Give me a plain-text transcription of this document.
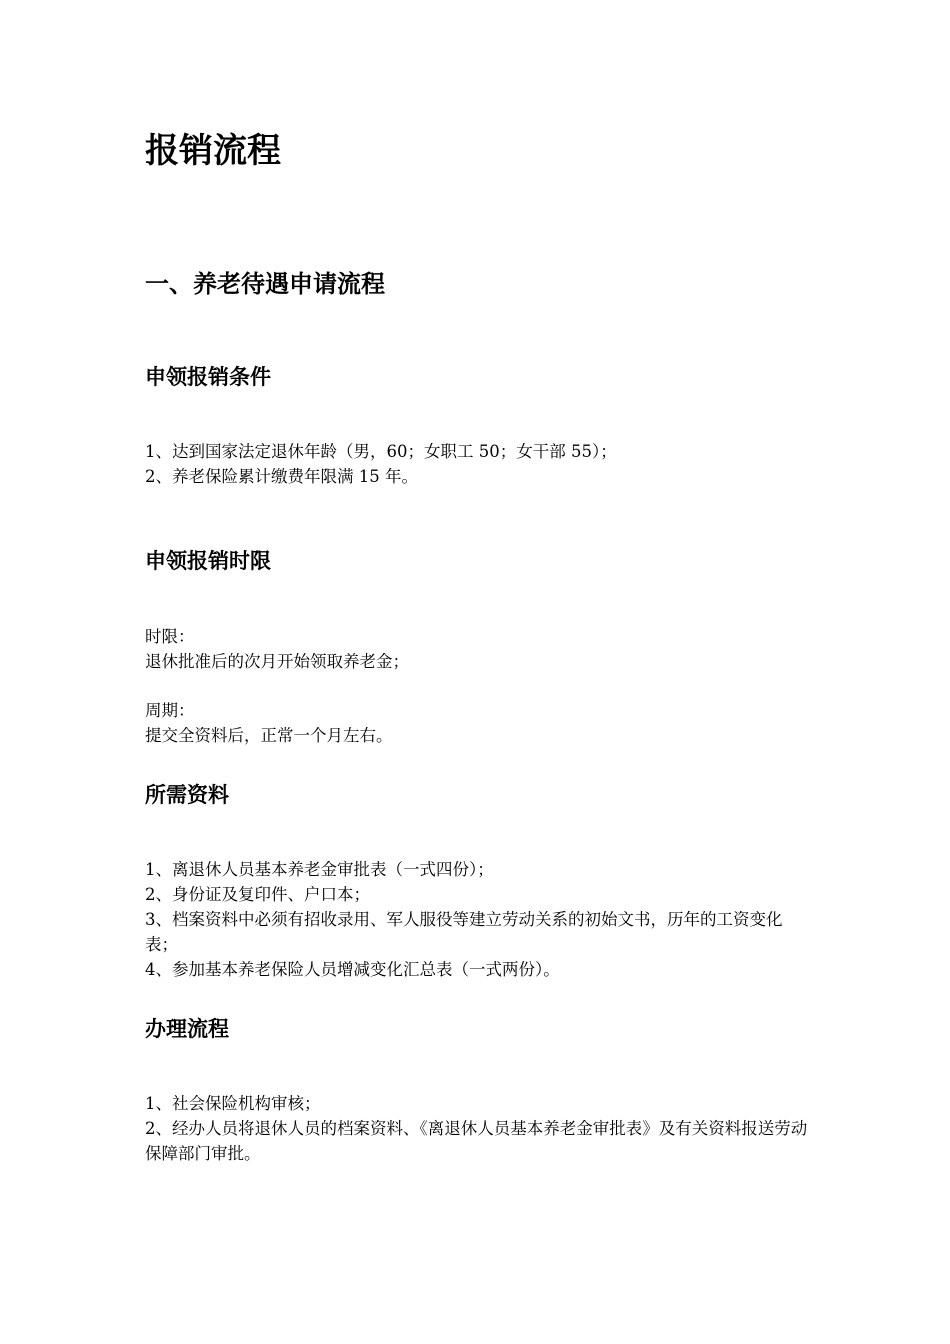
报销流程
一、养老待遇申请流程
申领报销条件
1、达到国家法定退休年龄（男，60；女职工 50；女干部 55）；
2、养老保险累计缴费年限满 15 年。
申领报销时限
时限：
退休批准后的次月开始领取养老金；
周期：
提交全资料后，正常一个月左右。
所需资料
1、离退休人员基本养老金审批表（一式四份）；
2、身份证及复印件、户口本；
3、档案资料中必须有招收录用、军人服役等建立劳动关系的初始文书，历年的工资变化表；
4、参加基本养老保险人员增减变化汇总表（一式两份）。
办理流程
1、社会保险机构审核；
2、经办人员将退休人员的档案资料、《离退休人员基本养老金审批表》及有关资料报送劳动保障部门审批。
